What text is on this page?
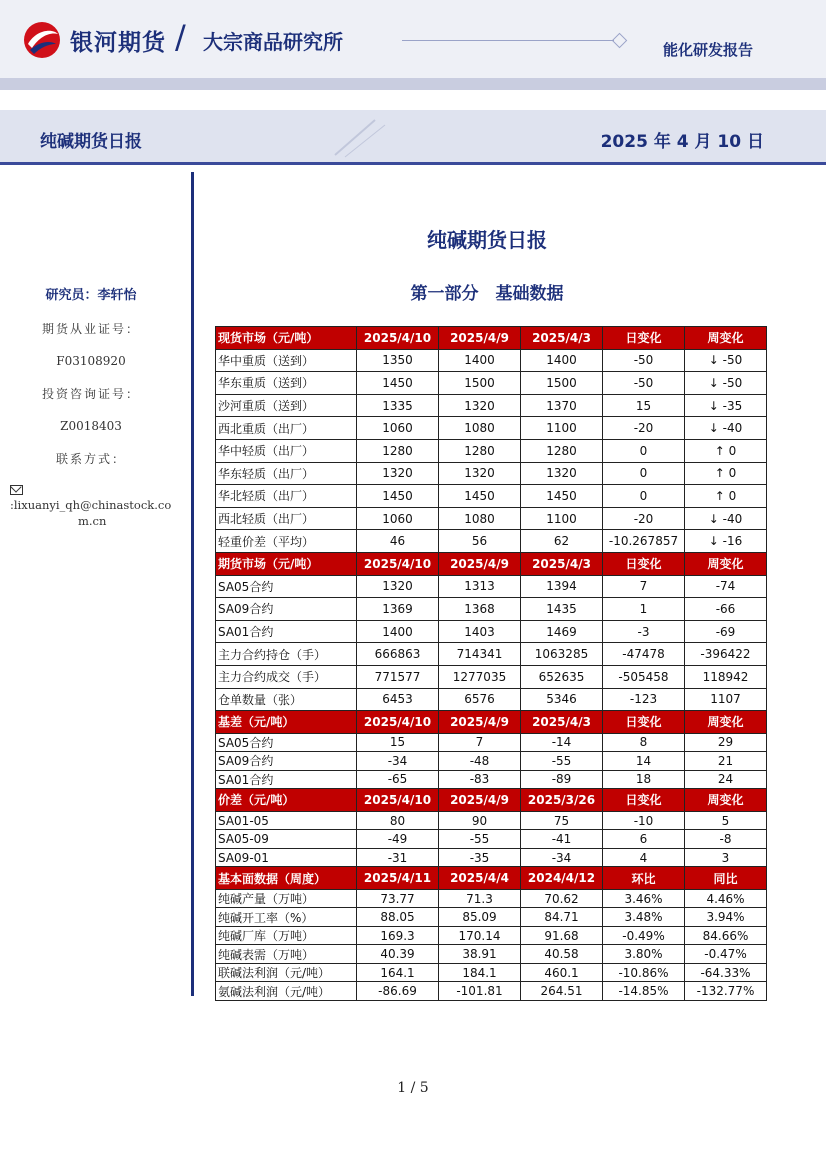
银河期货 / 大宗商品研究所	能化研发报告
纯碱期货日报	2025 年 4 月 10 日
研究员：李轩怡
期货从业证号：
F03108920
投资咨询证号：
Z0018403
联系方式：
:lixuanyi_qh@chinastock.co
m.cn
纯碱期货日报
第一部分　基础数据
现货市场（元/吨）	2025/4/10	2025/4/9	2025/4/3	日变化	周变化
华中重质（送到）	1350	1400	1400	-50	↓ -50
华东重质（送到）	1450	1500	1500	-50	↓ -50
沙河重质（送到）	1335	1320	1370	15	↓ -35
西北重质（出厂）	1060	1080	1100	-20	↓ -40
华中轻质（出厂）	1280	1280	1280	0	↑ 0
华东轻质（出厂）	1320	1320	1320	0	↑ 0
华北轻质（出厂）	1450	1450	1450	0	↑ 0
西北轻质（出厂）	1060	1080	1100	-20	↓ -40
轻重价差（平均）	46	56	62	-10.267857	↓ -16
期货市场（元/吨）	2025/4/10	2025/4/9	2025/4/3	日变化	周变化
SA05合约	1320	1313	1394	7	-74
SA09合约	1369	1368	1435	1	-66
SA01合约	1400	1403	1469	-3	-69
主力合约持仓（手）	666863	714341	1063285	-47478	-396422
主力合约成交（手）	771577	1277035	652635	-505458	118942
仓单数量（张）	6453	6576	5346	-123	1107
基差（元/吨）	2025/4/10	2025/4/9	2025/4/3	日变化	周变化
SA05合约	15	7	-14	8	29
SA09合约	-34	-48	-55	14	21
SA01合约	-65	-83	-89	18	24
价差（元/吨）	2025/4/10	2025/4/9	2025/3/26	日变化	周变化
SA01-05	80	90	75	-10	5
SA05-09	-49	-55	-41	6	-8
SA09-01	-31	-35	-34	4	3
基本面数据（周度）	2025/4/11	2025/4/4	2024/4/12	环比	同比
纯碱产量（万吨）	73.77	71.3	70.62	3.46%	4.46%
纯碱开工率（%）	88.05	85.09	84.71	3.48%	3.94%
纯碱厂库（万吨）	169.3	170.14	91.68	-0.49%	84.66%
纯碱表需（万吨）	40.39	38.91	40.58	3.80%	-0.47%
联碱法利润（元/吨）	164.1	184.1	460.1	-10.86%	-64.33%
氨碱法利润（元/吨）	-86.69	-101.81	264.51	-14.85%	-132.77%
1 / 5
